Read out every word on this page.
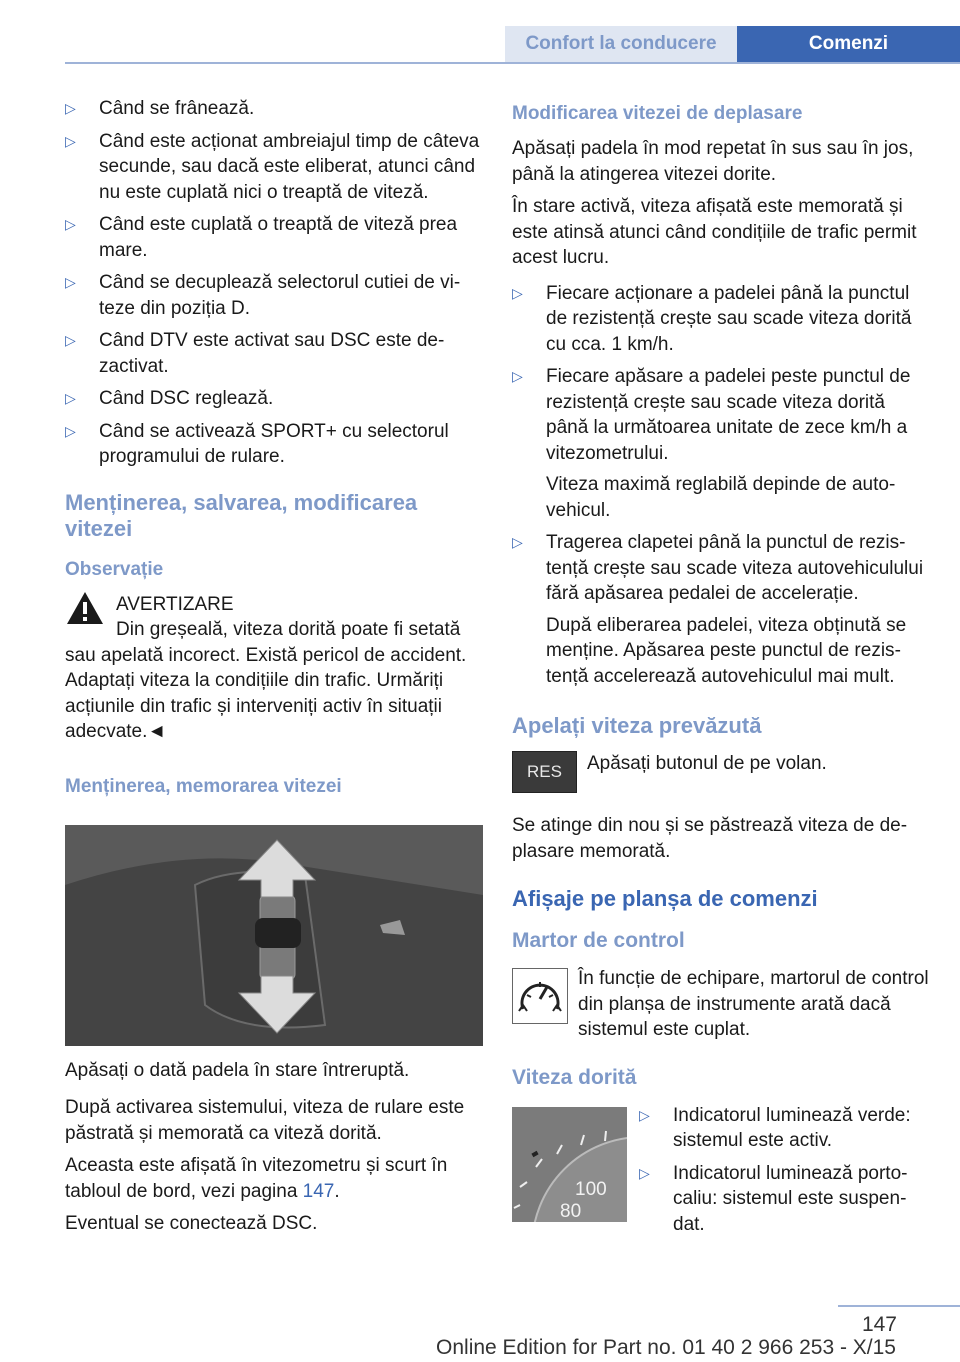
Confort la conducere	Comenzi
▷ Când se frânează.
▷ Când este acționat ambreiajul timp de câteva secunde, sau dacă este eliberat, atunci când nu este cuplată nici o treaptă de viteză.
▷ Când este cuplată o treaptă de viteză prea mare.
▷ Când se decuplează selectorul cutiei de viteze din poziția D.
▷ Când DTV este activat sau DSC este dezactivat.
▷ Când DSC reglează.
▷ Când se activează SPORT+ cu selectorul programului de rulare.
Menținerea, salvarea, modificarea vitezei
Observație
AVERTIZARE
Din greșeală, viteza dorită poate fi setată
sau apelată incorect. Există pericol de accident. Adaptați viteza la condițiile din trafic. Urmăriți acțiunile din trafic și interveniți activ în situații adecvate.◄
Menținerea, memorarea vitezei

Apăsați o dată padela în stare întreruptă.

După activarea sistemului, viteza de rulare este păstrată și memorată ca viteză dorită.

Aceasta este afișată în vitezometru și scurt în tabloul de bord, vezi pagina 147.

Eventual se conectează DSC.

Modificarea vitezei de deplasare

Apăsați padela în mod repetat în sus sau în jos, până la atingerea vitezei dorite.

În stare activă, viteza afișată este memorată și este atinsă atunci când condițiile de trafic permit acest lucru.

▷ Fiecare acționare a padelei până la punctul de rezistență crește sau scade viteza dorită cu cca. 1 km/h.
▷ Fiecare apăsare a padelei peste punctul de rezistență crește sau scade viteza dorită până la următoarea unitate de zece km/h a vitezometrului.
Viteza maximă reglabilă depinde de autovehicul.
▷ Tragerea clapetei până la punctul de rezistență crește sau scade viteza autovehiculului fără apăsarea pedalei de accelerație.
După eliberarea padelei, viteza obținută se menține. Apăsarea peste punctul de rezistență accelerează autovehiculul mai mult.
Apelați viteza prevăzută
RES	Apăsați butonul de pe volan.

Se atinge din nou și se păstrează viteza de deplasare memorată.

Afișaje pe planșa de comenzi
Martor de control
În funcție de echipare, martorul de control din planșa de instrumente arată dacă sistemul este cuplat.
Viteza dorită
100
80
▷ Indicatorul luminează verde: sistemul este activ.
▷ Indicatorul luminează portocaliu: sistemul este suspendat.
147
Online Edition for Part no. 01 40 2 966 253 - X/15
